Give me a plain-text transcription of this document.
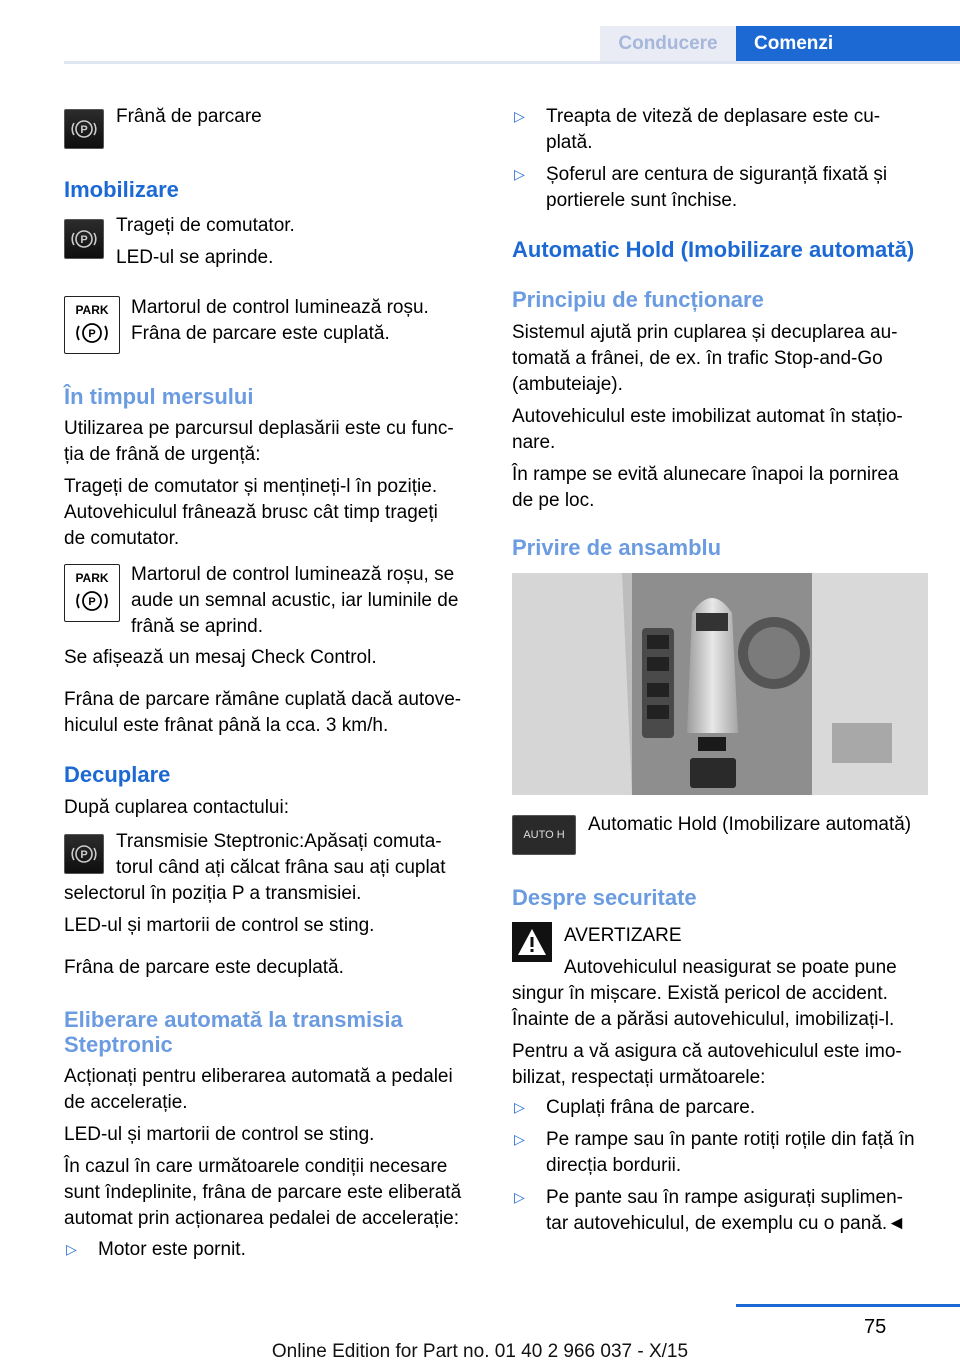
Conducere	Comenzi
P
Frână de parcare
Imobilizare
P
Trageți de comutator.
LED-ul se aprinde.
PARK
P
Martorul de control luminează roșu.
Frâna de parcare este cuplată.
În timpul mersului
Utilizarea pe parcursul deplasării este cu func-
ția de frână de urgență:
Trageți de comutator și mențineți-l în poziție.
Autovehiculul frânează brusc cât timp trageți
de comutator.
PARK
P
Martorul de control luminează roșu, se
aude un semnal acustic, iar luminile de
frână se aprind.
Se afișează un mesaj Check Control.
Frâna de parcare rămâne cuplată dacă autove-
hiculul este frânat până la cca. 3 km/h.
Decuplare
După cuplarea contactului:
P
Transmisie Steptronic:Apăsați comuta-
torul când ați călcat frâna sau ați cuplat
selectorul în poziția P a transmisiei.
LED-ul și martorii de control se sting.
Frâna de parcare este decuplată.
Eliberare automată la transmisia
Steptronic
Acționați pentru eliberarea automată a pedalei
de accelerație.
LED-ul și martorii de control se sting.
În cazul în care următoarele condiții necesare
sunt îndeplinite, frâna de parcare este eliberată
automat prin acționarea pedalei de accelerație:
▷ Motor este pornit.
▷ Treapta de viteză de deplasare este cu-
plată.
▷ Șoferul are centura de siguranță fixată și
portierele sunt închise.
Automatic Hold (Imobilizare automată)
Principiu de funcționare
Sistemul ajută prin cuplarea și decuplarea au-
tomată a frânei, de ex. în trafic Stop-and-Go
(ambuteiaje).
Autovehiculul este imobilizat automat în stațio-
nare.
În rampe se evită alunecare înapoi la pornirea
de pe loc.
Privire de ansamblu
AUTO H	Automatic Hold (Imobilizare automată)
Despre securitate
AVERTIZARE
Autovehiculul neasigurat se poate pune
singur în mișcare. Există pericol de accident.
Înainte de a părăsi autovehiculul, imobilizați-l.
Pentru a vă asigura că autovehiculul este imo-
bilizat, respectați următoarele:
▷ Cuplați frâna de parcare.
▷ Pe rampe sau în pante rotiți roțile din față în
direcția bordurii.
▷ Pe pante sau în rampe asigurați suplimen-
tar autovehiculul, de exemplu cu o pană.◄
75
Online Edition for Part no. 01 40 2 966 037 - X/15
